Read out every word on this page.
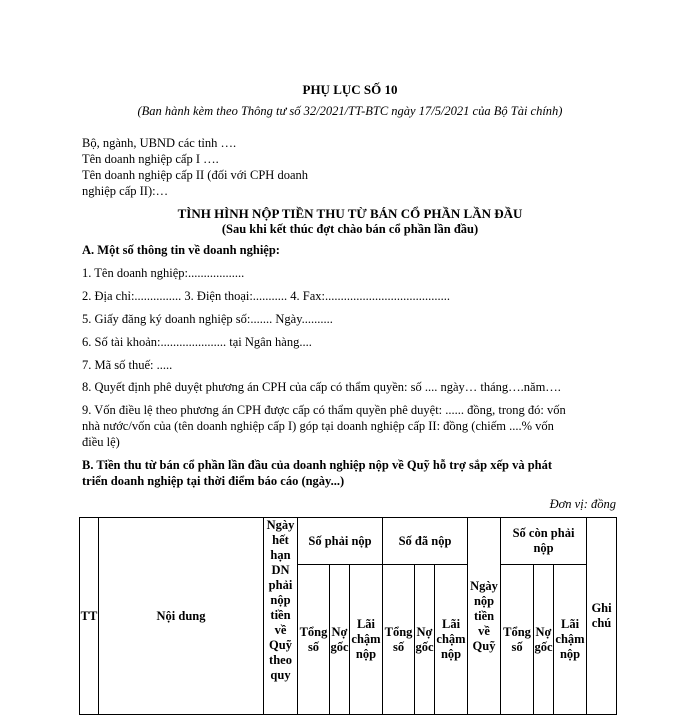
PHỤ LỤC SỐ 10
(Ban hành kèm theo Thông tư số 32/2021/TT-BTC ngày 17/5/2021 của Bộ Tài chính)
Bộ, ngành, UBND các tỉnh ….
Tên doanh nghiệp cấp I ….
Tên doanh nghiệp cấp II (đối với CPH doanh
nghiệp cấp II):…
TÌNH HÌNH NỘP TIỀN THU TỪ BÁN CỔ PHẦN LẦN ĐẦU
(Sau khi kết thúc đợt chào bán cổ phần lần đầu)
A. Một số thông tin về doanh nghiệp:
1. Tên doanh nghiệp:..................
2. Địa chỉ:............... 3. Điện thoại:........... 4. Fax:........................................
5. Giấy đăng ký doanh nghiệp số:....... Ngày..........
6. Số tài khoản:..................... tại Ngân hàng....
7. Mã số thuế: .....
8. Quyết định phê duyệt phương án CPH của cấp có thẩm quyền: số .... ngày… tháng….năm….
9. Vốn điều lệ theo phương án CPH được cấp có thẩm quyền phê duyệt: ...... đồng, trong đó: vốn
nhà nước/vốn của (tên doanh nghiệp cấp I) góp tại doanh nghiệp cấp II: đồng (chiếm ....% vốn
điều lệ)
B. Tiền thu từ bán cổ phần lần đầu của doanh nghiệp nộp về Quỹ hỗ trợ sắp xếp và phát
triển doanh nghiệp tại thời điểm báo cáo (ngày...)
Đơn vị: đồng
TT	Nội dung	Ngày hết hạn DN phải nộp tiền về Quỹ theo quy	Số phải nộp			Số đã nộp			Ngày nộp tiền về Quỹ	Số còn phải nộp			Ghi chú
			Tổng số	Nợ gốc	Lãi chậm nộp	Tổng số	Nợ gốc	Lãi chậm nộp		Tổng số	Nợ gốc	Lãi chậm nộp	
